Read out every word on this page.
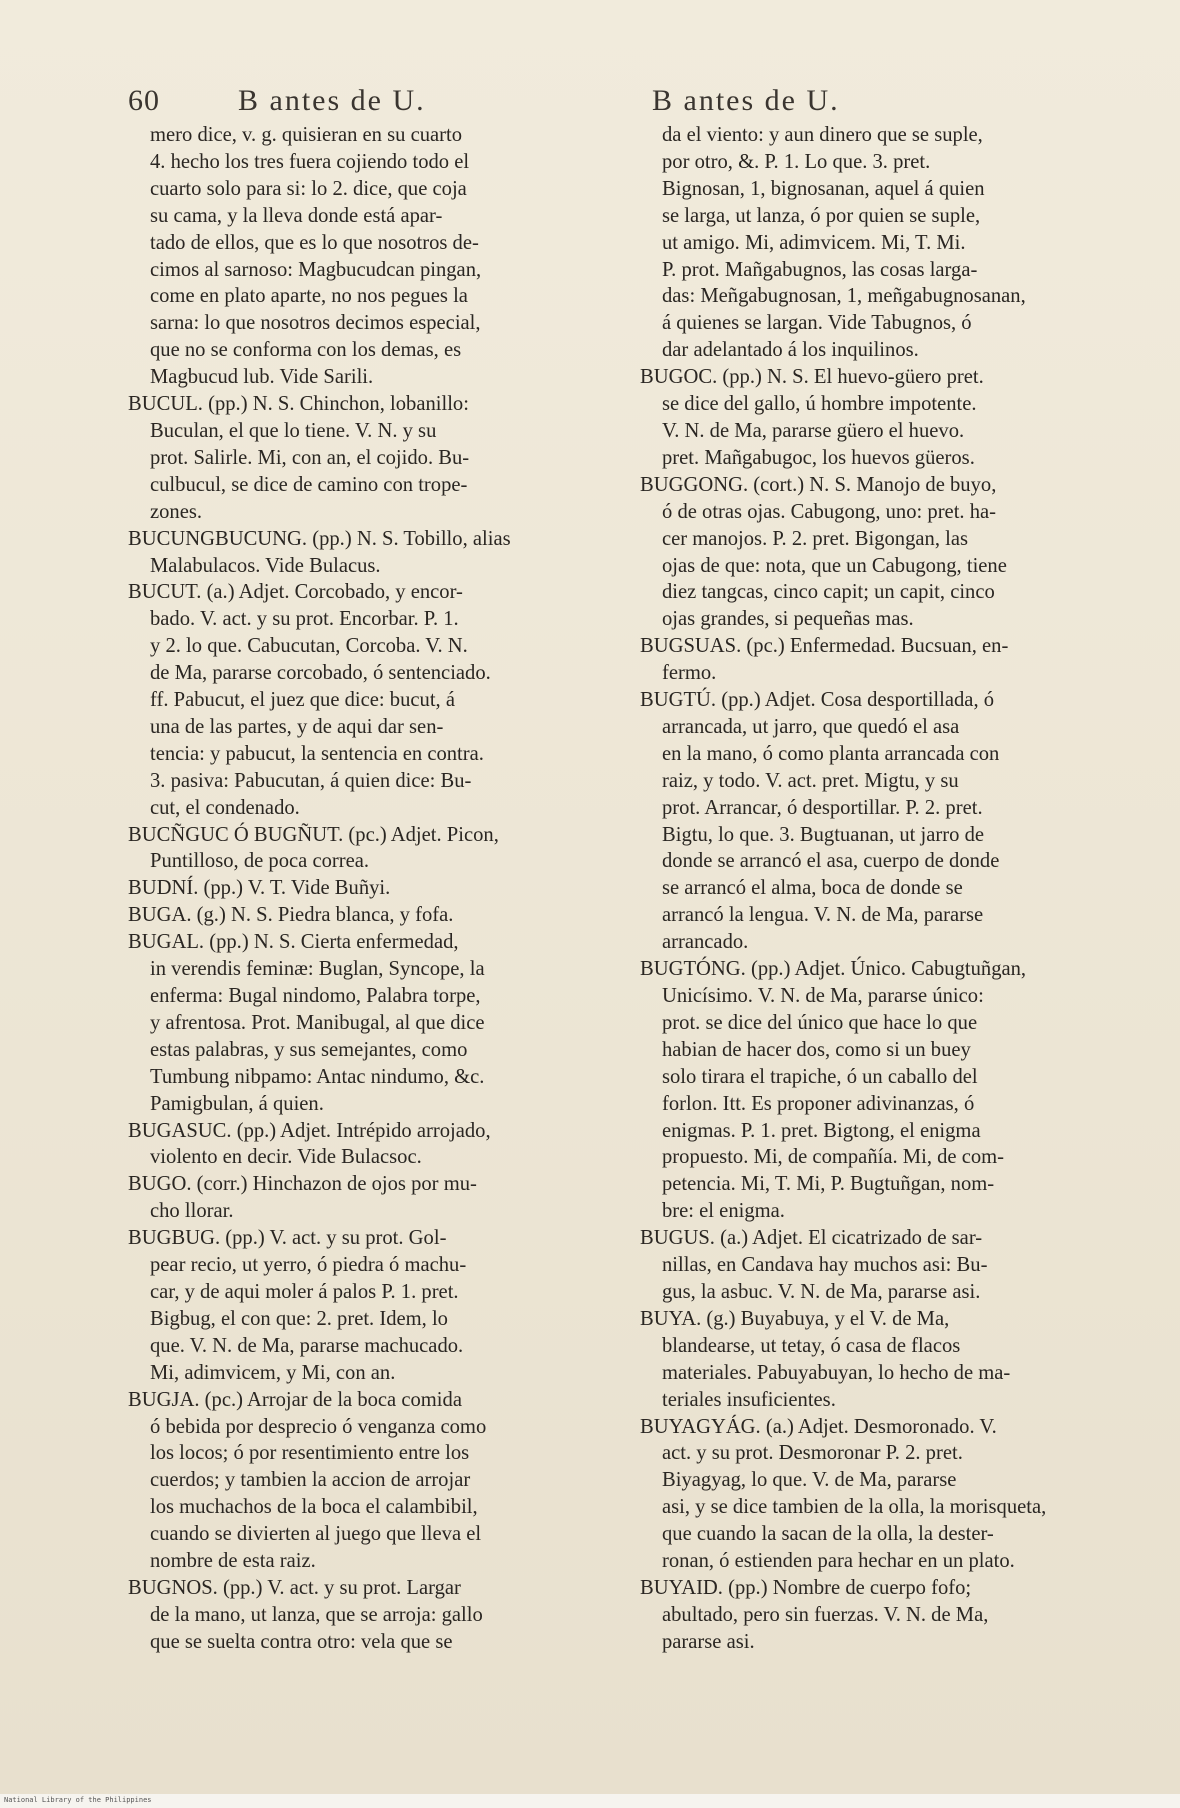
60	B antes de U.
mero dice, v. g. quisieran en su cuarto
4. hecho los tres fuera cojiendo todo el
cuarto solo para si: lo 2. dice, que coja
su cama, y la lleva donde está apar-
tado de ellos, que es lo que nosotros de-
cimos al sarnoso: Magbucudcan pingan,
come en plato aparte, no nos pegues la
sarna: lo que nosotros decimos especial,
que no se conforma con los demas, es
Magbucud lub. Vide Sarili.
BUCUL. (pp.) N. S. Chinchon, lobanillo:
Buculan, el que lo tiene. V. N. y su
prot. Salirle. Mi, con an, el cojido. Bu-
culbucul, se dice de camino con trope-
zones.
BUCUNGBUCUNG. (pp.) N. S. Tobillo, alias
Malabulacos. Vide Bulacus.
BUCUT. (a.) Adjet. Corcobado, y encor-
bado. V. act. y su prot. Encorbar. P. 1.
y 2. lo que. Cabucutan, Corcoba. V. N.
de Ma, pararse corcobado, ó sentenciado.
ff. Pabucut, el juez que dice: bucut, á
una de las partes, y de aqui dar sen-
tencia: y pabucut, la sentencia en contra.
3. pasiva: Pabucutan, á quien dice: Bu-
cut, el condenado.
BUCÑGUC Ó BUGÑUT. (pc.) Adjet. Picon,
Puntilloso, de poca correa.
BUDNÍ. (pp.) V. T. Vide Buñyi.
BUGA. (g.) N. S. Piedra blanca, y fofa.
BUGAL. (pp.) N. S. Cierta enfermedad,
in verendis feminæ: Buglan, Syncope, la
enferma: Bugal nindomo, Palabra torpe,
y afrentosa. Prot. Manibugal, al que dice
estas palabras, y sus semejantes, como
Tumbung nibpamo: Antac nindumo, &c.
Pamigbulan, á quien.
BUGASUC. (pp.) Adjet. Intrépido arrojado,
violento en decir. Vide Bulacsoc.
BUGO. (corr.) Hinchazon de ojos por mu-
cho llorar.
BUGBUG. (pp.) V. act. y su prot. Gol-
pear recio, ut yerro, ó piedra ó machu-
car, y de aqui moler á palos P. 1. pret.
Bigbug, el con que: 2. pret. Idem, lo
que. V. N. de Ma, pararse machucado.
Mi, adimvicem, y Mi, con an.
BUGJA. (pc.) Arrojar de la boca comida
ó bebida por desprecio ó venganza como
los locos; ó por resentimiento entre los
cuerdos; y tambien la accion de arrojar
los muchachos de la boca el calambibil,
cuando se divierten al juego que lleva el
nombre de esta raiz.
BUGNOS. (pp.) V. act. y su prot. Largar
de la mano, ut lanza, que se arroja: gallo
que se suelta contra otro: vela que se
B antes de U.
da el viento: y aun dinero que se suple,
por otro, &. P. 1. Lo que. 3. pret.
Bignosan, 1, bignosanan, aquel á quien
se larga, ut lanza, ó por quien se suple,
ut amigo. Mi, adimvicem. Mi, T. Mi.
P. prot. Mañgabugnos, las cosas larga-
das: Meñgabugnosan, 1, meñgabugnosanan,
á quienes se largan. Vide Tabugnos, ó
dar adelantado á los inquilinos.
BUGOC. (pp.) N. S. El huevo-güero pret.
se dice del gallo, ú hombre impotente.
V. N. de Ma, pararse güero el huevo.
pret. Mañgabugoc, los huevos güeros.
BUGGONG. (cort.) N. S. Manojo de buyo,
ó de otras ojas. Cabugong, uno: pret. ha-
cer manojos. P. 2. pret. Bigongan, las
ojas de que: nota, que un Cabugong, tiene
diez tangcas, cinco capit; un capit, cinco
ojas grandes, si pequeñas mas.
BUGSUAS. (pc.) Enfermedad. Bucsuan, en-
fermo.
BUGTÚ. (pp.) Adjet. Cosa desportillada, ó
arrancada, ut jarro, que quedó el asa
en la mano, ó como planta arrancada con
raiz, y todo. V. act. pret. Migtu, y su
prot. Arrancar, ó desportillar. P. 2. pret.
Bigtu, lo que. 3. Bugtuanan, ut jarro de
donde se arrancó el asa, cuerpo de donde
se arrancó el alma, boca de donde se
arrancó la lengua. V. N. de Ma, pararse
arrancado.
BUGTÓNG. (pp.) Adjet. Único. Cabugtuñgan,
Unicísimo. V. N. de Ma, pararse único:
prot. se dice del único que hace lo que
habian de hacer dos, como si un buey
solo tirara el trapiche, ó un caballo del
forlon. Itt. Es proponer adivinanzas, ó
enigmas. P. 1. pret. Bigtong, el enigma
propuesto. Mi, de compañía. Mi, de com-
petencia. Mi, T. Mi, P. Bugtuñgan, nom-
bre: el enigma.
BUGUS. (a.) Adjet. El cicatrizado de sar-
nillas, en Candava hay muchos asi: Bu-
gus, la asbuc. V. N. de Ma, pararse asi.
BUYA. (g.) Buyabuya, y el V. de Ma,
blandearse, ut tetay, ó casa de flacos
materiales. Pabuyabuyan, lo hecho de ma-
teriales insuficientes.
BUYAGYÁG. (a.) Adjet. Desmoronado. V.
act. y su prot. Desmoronar P. 2. pret.
Biyagyag, lo que. V. de Ma, pararse
asi, y se dice tambien de la olla, la morisqueta,
que cuando la sacan de la olla, la dester-
ronan, ó estienden para hechar en un plato.
BUYAID. (pp.) Nombre de cuerpo fofo;
abultado, pero sin fuerzas. V. N. de Ma,
pararse asi.
National Library of the Philippines
